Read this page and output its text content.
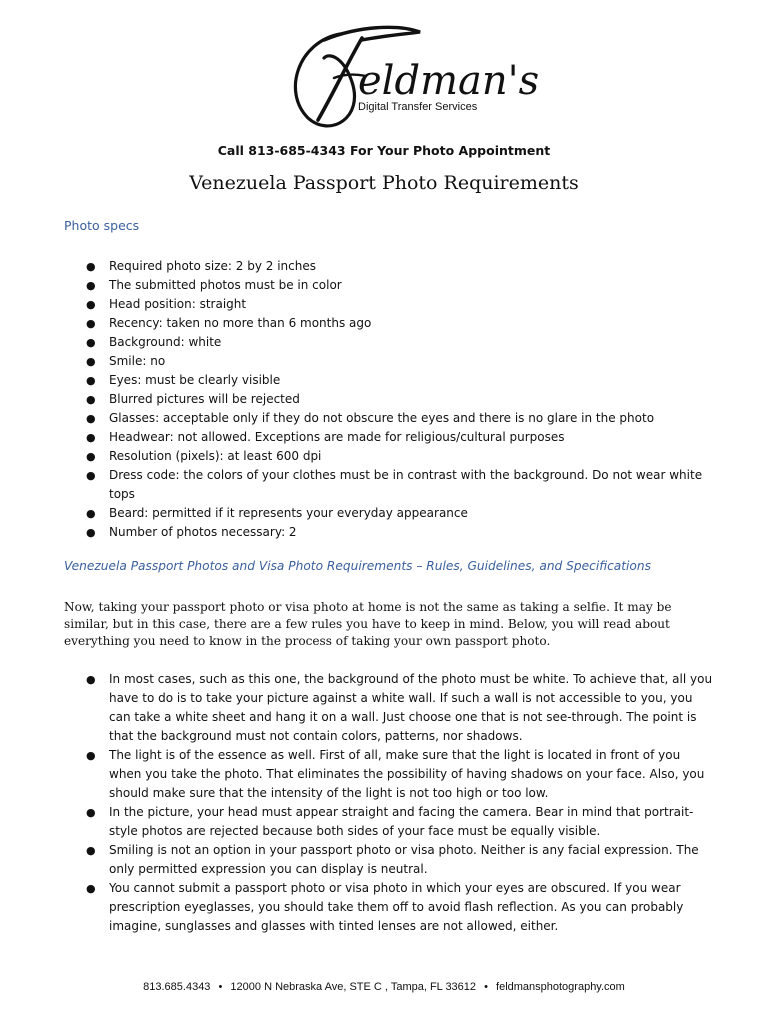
eldman's
Digital Transfer Services
Call 813-685-4343 For Your Photo Appointment
Venezuela Passport Photo Requirements
Photo specs
● Required photo size: 2 by 2 inches
● The submitted photos must be in color
● Head position: straight
● Recency: taken no more than 6 months ago
● Background: white
● Smile: no
● Eyes: must be clearly visible
● Blurred pictures will be rejected
● Glasses: acceptable only if they do not obscure the eyes and there is no glare in the photo
● Headwear: not allowed. Exceptions are made for religious/cultural purposes
● Resolution (pixels): at least 600 dpi
● Dress code: the colors of your clothes must be in contrast with the background. Do not wear white tops
● Beard: permitted if it represents your everyday appearance
● Number of photos necessary: 2
Venezuela Passport Photos and Visa Photo Requirements – Rules, Guidelines, and Specifications

Now, taking your passport photo or visa photo at home is not the same as taking a selfie. It may be similar, but in this case, there are a few rules you have to keep in mind. Below, you will read about everything you need to know in the process of taking your own passport photo.

● In most cases, such as this one, the background of the photo must be white. To achieve that, all you have to do is to take your picture against a white wall. If such a wall is not accessible to you, you can take a white sheet and hang it on a wall. Just choose one that is not see-through. The point is that the background must not contain colors, patterns, nor shadows.
● The light is of the essence as well. First of all, make sure that the light is located in front of you when you take the photo. That eliminates the possibility of having shadows on your face. Also, you should make sure that the intensity of the light is not too high or too low.
● In the picture, your head must appear straight and facing the camera. Bear in mind that portrait-style photos are rejected because both sides of your face must be equally visible.
● Smiling is not an option in your passport photo or visa photo. Neither is any facial expression. The only permitted expression you can display is neutral.
● You cannot submit a passport photo or visa photo in which your eyes are obscured. If you wear prescription eyeglasses, you should take them off to avoid flash reflection. As you can probably imagine, sunglasses and glasses with tinted lenses are not allowed, either.
813.685.4343 • 12000 N Nebraska Ave, STE C , Tampa, FL 33612 • feldmansphotography.com
